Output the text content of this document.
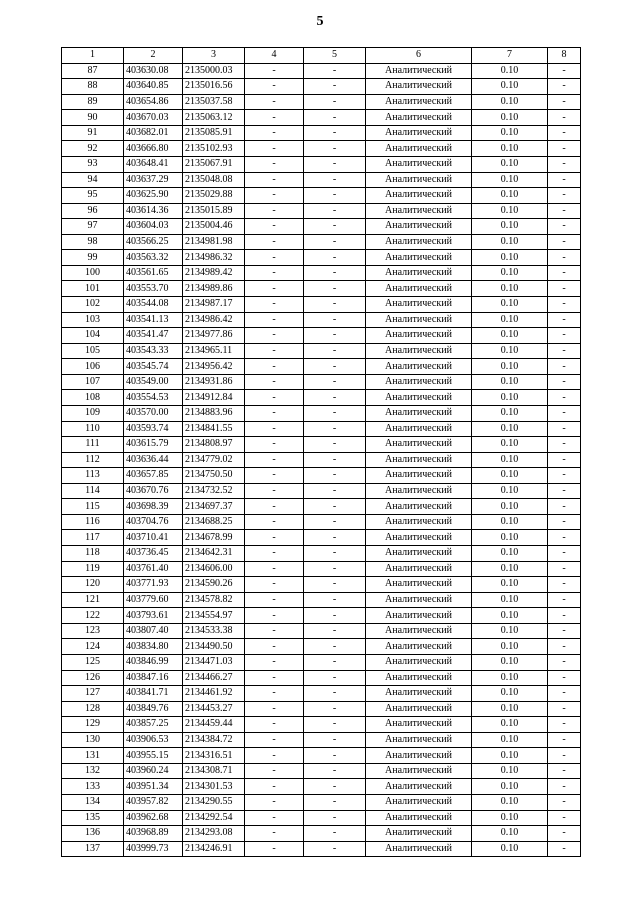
5
1	2	3	4	5	6	7	8
87	403630.08	2135000.03	-	-	Аналитический	0.10	-
88	403640.85	2135016.56	-	-	Аналитический	0.10	-
89	403654.86	2135037.58	-	-	Аналитический	0.10	-
90	403670.03	2135063.12	-	-	Аналитический	0.10	-
91	403682.01	2135085.91	-	-	Аналитический	0.10	-
92	403666.80	2135102.93	-	-	Аналитический	0.10	-
93	403648.41	2135067.91	-	-	Аналитический	0.10	-
94	403637.29	2135048.08	-	-	Аналитический	0.10	-
95	403625.90	2135029.88	-	-	Аналитический	0.10	-
96	403614.36	2135015.89	-	-	Аналитический	0.10	-
97	403604.03	2135004.46	-	-	Аналитический	0.10	-
98	403566.25	2134981.98	-	-	Аналитический	0.10	-
99	403563.32	2134986.32	-	-	Аналитический	0.10	-
100	403561.65	2134989.42	-	-	Аналитический	0.10	-
101	403553.70	2134989.86	-	-	Аналитический	0.10	-
102	403544.08	2134987.17	-	-	Аналитический	0.10	-
103	403541.13	2134986.42	-	-	Аналитический	0.10	-
104	403541.47	2134977.86	-	-	Аналитический	0.10	-
105	403543.33	2134965.11	-	-	Аналитический	0.10	-
106	403545.74	2134956.42	-	-	Аналитический	0.10	-
107	403549.00	2134931.86	-	-	Аналитический	0.10	-
108	403554.53	2134912.84	-	-	Аналитический	0.10	-
109	403570.00	2134883.96	-	-	Аналитический	0.10	-
110	403593.74	2134841.55	-	-	Аналитический	0.10	-
111	403615.79	2134808.97	-	-	Аналитический	0.10	-
112	403636.44	2134779.02	-	-	Аналитический	0.10	-
113	403657.85	2134750.50	-	-	Аналитический	0.10	-
114	403670.76	2134732.52	-	-	Аналитический	0.10	-
115	403698.39	2134697.37	-	-	Аналитический	0.10	-
116	403704.76	2134688.25	-	-	Аналитический	0.10	-
117	403710.41	2134678.99	-	-	Аналитический	0.10	-
118	403736.45	2134642.31	-	-	Аналитический	0.10	-
119	403761.40	2134606.00	-	-	Аналитический	0.10	-
120	403771.93	2134590.26	-	-	Аналитический	0.10	-
121	403779.60	2134578.82	-	-	Аналитический	0.10	-
122	403793.61	2134554.97	-	-	Аналитический	0.10	-
123	403807.40	2134533.38	-	-	Аналитический	0.10	-
124	403834.80	2134490.50	-	-	Аналитический	0.10	-
125	403846.99	2134471.03	-	-	Аналитический	0.10	-
126	403847.16	2134466.27	-	-	Аналитический	0.10	-
127	403841.71	2134461.92	-	-	Аналитический	0.10	-
128	403849.76	2134453.27	-	-	Аналитический	0.10	-
129	403857.25	2134459.44	-	-	Аналитический	0.10	-
130	403906.53	2134384.72	-	-	Аналитический	0.10	-
131	403955.15	2134316.51	-	-	Аналитический	0.10	-
132	403960.24	2134308.71	-	-	Аналитический	0.10	-
133	403951.34	2134301.53	-	-	Аналитический	0.10	-
134	403957.82	2134290.55	-	-	Аналитический	0.10	-
135	403962.68	2134292.54	-	-	Аналитический	0.10	-
136	403968.89	2134293.08	-	-	Аналитический	0.10	-
137	403999.73	2134246.91	-	-	Аналитический	0.10	-
